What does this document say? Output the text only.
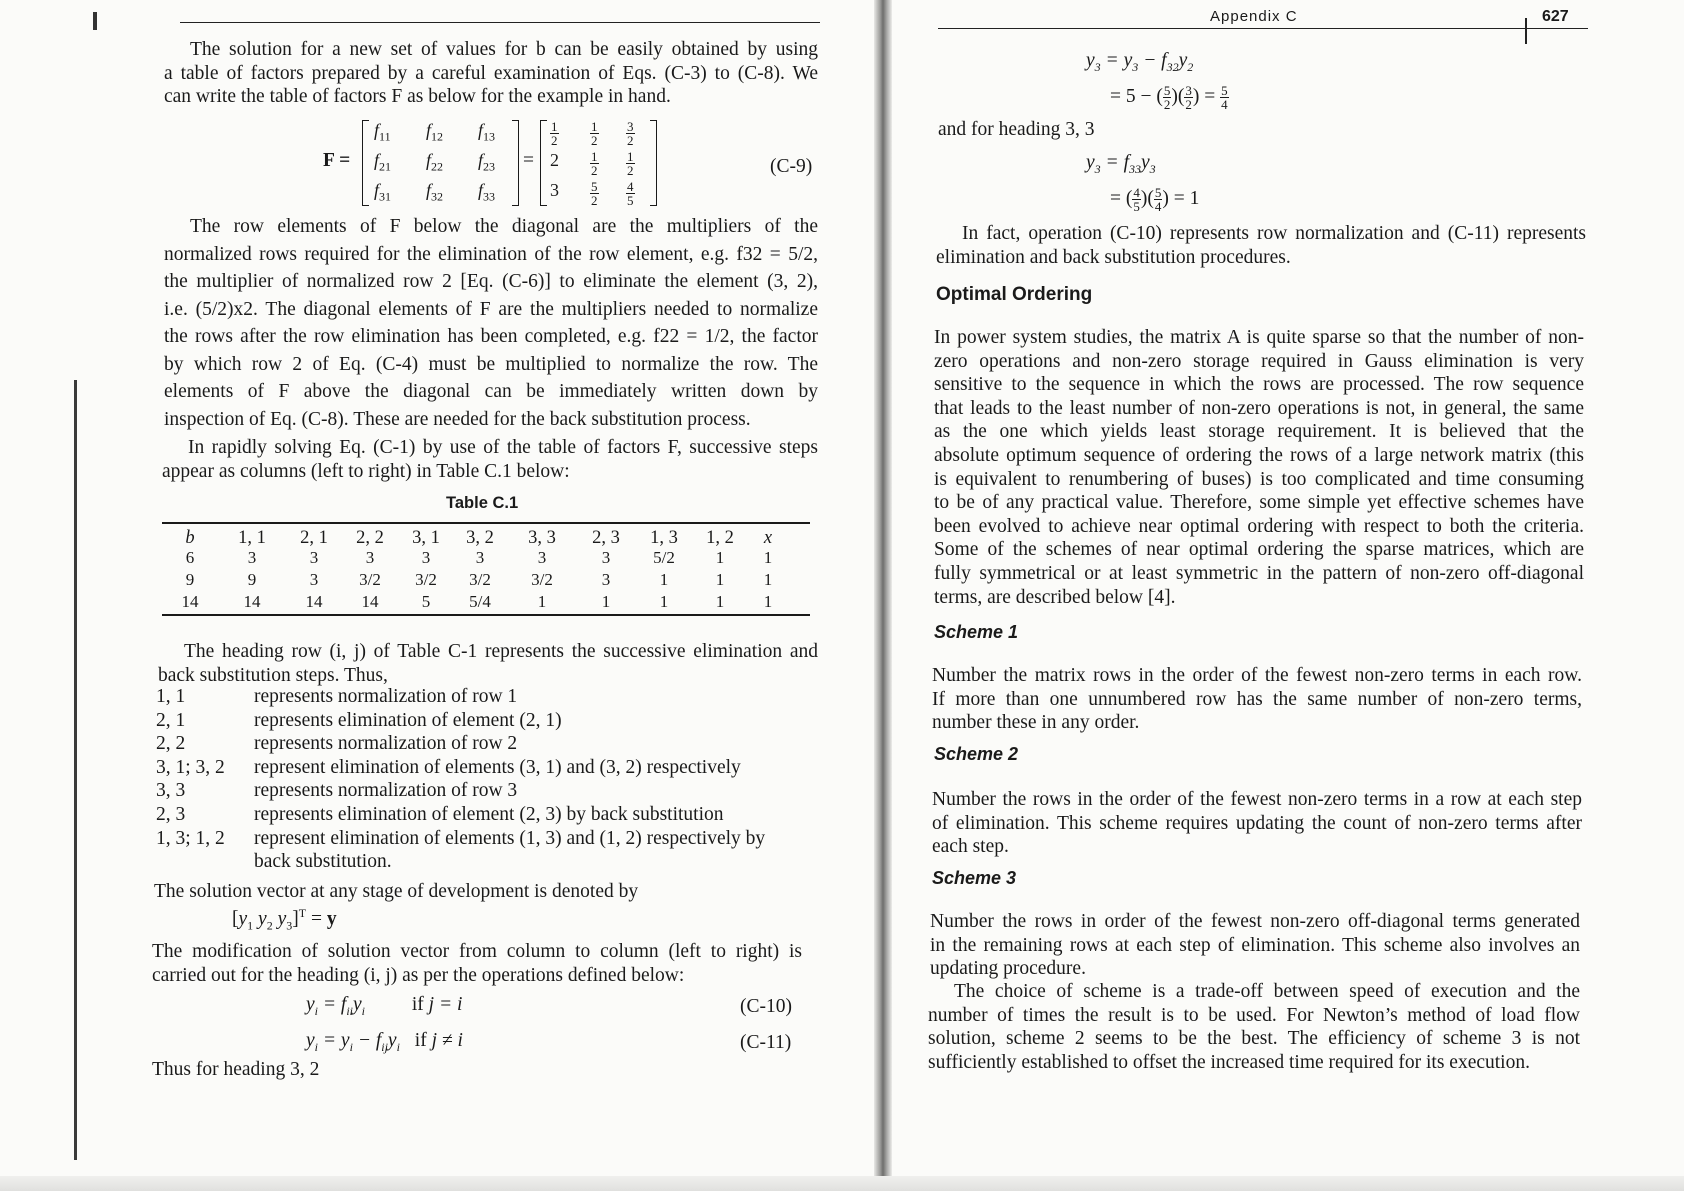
The solution for a new set of values for b can be easily obtained by using
a table of factors prepared by a careful examination of Eqs. (C-3) to (C-8). We
can write the table of factors F as below for the example in hand.
F =
$f_{11}$ $f_{12}$ $f_{13}$
$f_{21}$ $f_{22}$ $f_{23}$
$f_{31}$ $f_{32}$ $f_{33}$
=
$\frac{1}{2} \frac{1}{2} \frac{3}{2}$
$2 \frac{1}{2} \frac{1}{2}$
$3 \frac{5}{2} \frac{4}{5}$
(C-9)
The row elements of F below the diagonal are the multipliers of the
normalized rows required for the elimination of the row element, e.g. f32 = 5/2,
the multiplier of normalized row 2 [Eq. (C-6)] to eliminate the element (3, 2),
i.e. (5/2)x2. The diagonal elements of F are the multipliers needed to normalize
the rows after the row elimination has been completed, e.g. f22 = 1/2, the factor
by which row 2 of Eq. (C-4) must be multiplied to normalize the row. The
elements of F above the diagonal can be immediately written down by
inspection of Eq. (C-8). These are needed for the back substitution process.
In rapidly solving Eq. (C-1) by use of the table of factors F, successive steps
appear as columns (left to right) in Table C.1 below:
Table C.1
b	1, 1	2, 1	2, 2	3, 1	3, 2	3, 3	2, 3	1, 3	1, 2	x
6	3	3	3	3	3	3	3	5/2	1	1
9	9	3	3/2	3/2	3/2	3/2	3	1	1	1
14	14	14	14	5	5/4	1	1	1	1	1
The heading row (i, j) of Table C-1 represents the successive elimination and
back substitution steps. Thus,
1, 1	represents normalization of row 1
2, 1	represents elimination of element (2, 1)
2, 2	represents normalization of row 2
3, 1; 3, 2 represent elimination of elements (3, 1) and (3, 2) respectively
3, 3	represents normalization of row 3
2, 3	represents elimination of element (2, 3) by back substitution
1, 3; 1, 2 represent elimination of elements (1, 3) and (1, 2) respectively by
back substitution.
The solution vector at any stage of development is denoted by
[$y_1$ $y_2$ $y_3]^T = y$
The modification of solution vector from column to column (left to right) is
carried out for the heading (i, j) as per the operations defined below:
$y_i = f_{ii}y_i$ if j = i	(C-10)
$y_i = y_i - f_{ij}y_i$ if j ≠ i	(C-11)
Thus for heading 3, 2
Appendix C	627
$y_3 = y_3 - f_{32}y_2$
= 5 − ( $\frac{5}{2}$ )( $\frac{3}{2}$ ) = $\frac{5}{4}$
and for heading 3, 3
$y_3 = f_{33}y_3$
= ( $\frac{4}{5}$ )( $\frac{5}{4}$ ) = 1
In fact, operation (C-10) represents row normalization and (C-11) represents
elimination and back substitution procedures.
Optimal Ordering
In power system studies, the matrix A is quite sparse so that the number of non-
zero operations and non-zero storage required in Gauss elimination is very
sensitive to the sequence in which the rows are processed. The row sequence
that leads to the least number of non-zero operations is not, in general, the same
as the one which yields least storage requirement. It is believed that the
absolute optimum sequence of ordering the rows of a large network matrix (this
is equivalent to renumbering of buses) is too complicated and time consuming
to be of any practical value. Therefore, some simple yet effective schemes have
been evolved to achieve near optimal ordering with respect to both the criteria.
Some of the schemes of near optimal ordering the sparse matrices, which are
fully symmetrical or at least symmetric in the pattern of non-zero off-diagonal
terms, are described below [4].
Scheme 1
Number the matrix rows in the order of the fewest non-zero terms in each row.
If more than one unnumbered row has the same number of non-zero terms,
number these in any order.
Scheme 2
Number the rows in the order of the fewest non-zero terms in a row at each step
of elimination. This scheme requires updating the count of non-zero terms after
each step.
Scheme 3
Number the rows in order of the fewest non-zero off-diagonal terms generated
in the remaining rows at each step of elimination. This scheme also involves an
updating procedure.
The choice of scheme is a trade-off between speed of execution and the
number of times the result is to be used. For Newton’s method of load flow
solution, scheme 2 seems to be the best. The efficiency of scheme 3 is not
sufficiently established to offset the increased time required for its execution.
